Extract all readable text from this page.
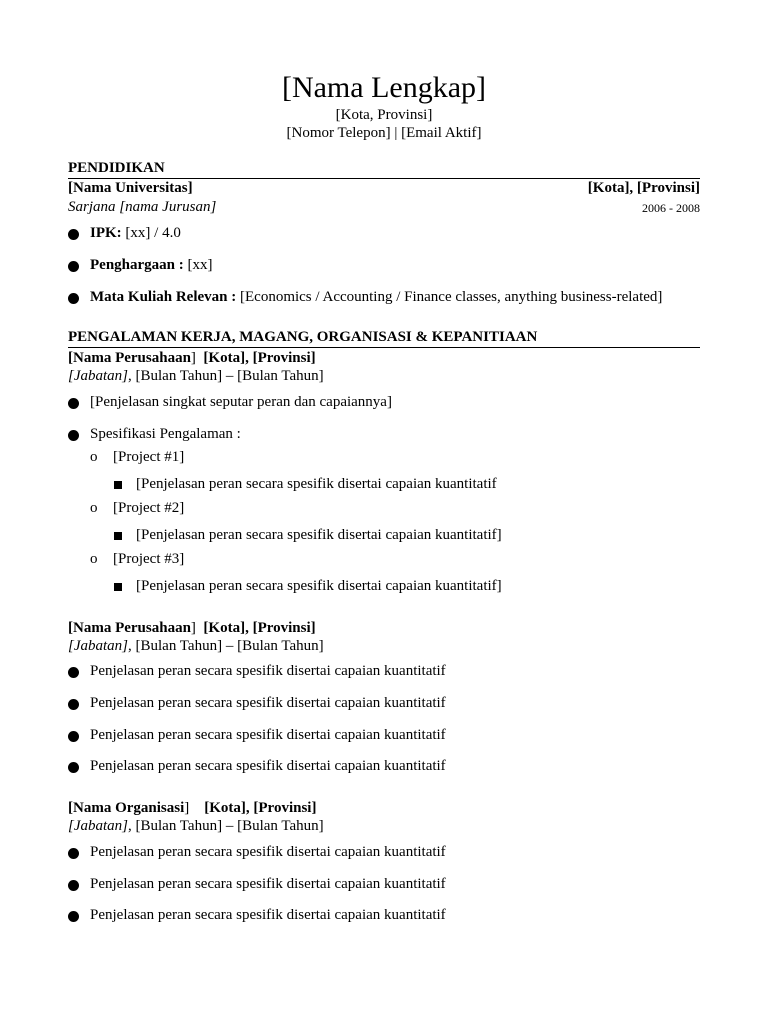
[Nama Lengkap]
[Kota, Provinsi]
[Nomor Telepon] | [Email Aktif]
PENDIDIKAN
[Nama Universitas]	[Kota], [Provinsi]
Sarjana [nama Jurusan]	2006 - 2008
IPK: [xx] / 4.0
Penghargaan : [xx]
Mata Kuliah Relevan : [Economics / Accounting / Finance classes, anything business-related]
PENGALAMAN KERJA, MAGANG, ORGANISASI & KEPANITIAAN
[Nama Perusahaan] [Kota], [Provinsi]
[Jabatan], [Bulan Tahun] – [Bulan Tahun]
[Penjelasan singkat seputar peran dan capaiannya]
Spesifikasi Pengalaman :
o [Project #1]
[Penjelasan peran secara spesifik disertai capaian kuantitatif
o [Project #2]
[Penjelasan peran secara spesifik disertai capaian kuantitatif]
o [Project #3]
[Penjelasan peran secara spesifik disertai capaian kuantitatif]
[Nama Perusahaan] [Kota], [Provinsi]
[Jabatan], [Bulan Tahun] – [Bulan Tahun]
Penjelasan peran secara spesifik disertai capaian kuantitatif
Penjelasan peran secara spesifik disertai capaian kuantitatif
Penjelasan peran secara spesifik disertai capaian kuantitatif
Penjelasan peran secara spesifik disertai capaian kuantitatif
[Nama Organisasi] [Kota], [Provinsi]
[Jabatan], [Bulan Tahun] – [Bulan Tahun]
Penjelasan peran secara spesifik disertai capaian kuantitatif
Penjelasan peran secara spesifik disertai capaian kuantitatif
Penjelasan peran secara spesifik disertai capaian kuantitatif
